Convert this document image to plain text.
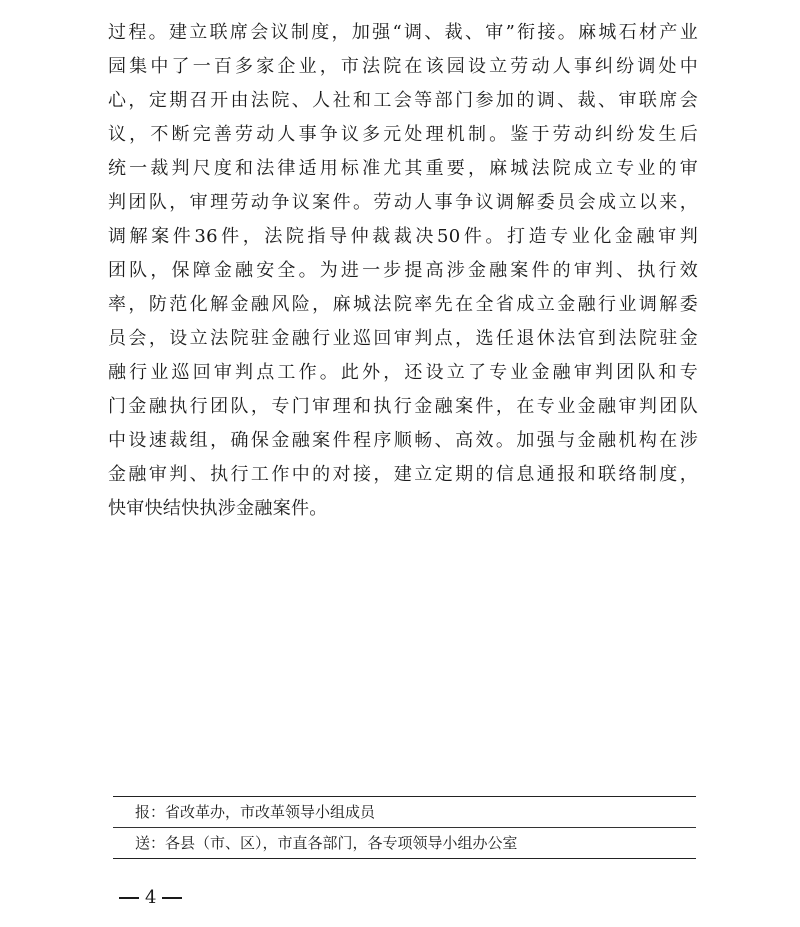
过程。建立联席会议制度，加强“调、裁、审”衔接。麻城石材产业
园集中了一百多家企业，市法院在该园设立劳动人事纠纷调处中
心，定期召开由法院、人社和工会等部门参加的调、裁、审联席会
议，不断完善劳动人事争议多元处理机制。鉴于劳动纠纷发生后
统一裁判尺度和法律适用标准尤其重要，麻城法院成立专业的审
判团队，审理劳动争议案件。劳动人事争议调解委员会成立以来，
调解案件36件，法院指导仲裁裁决50件。打造专业化金融审判
团队，保障金融安全。为进一步提高涉金融案件的审判、执行效
率，防范化解金融风险，麻城法院率先在全省成立金融行业调解委
员会，设立法院驻金融行业巡回审判点，选任退休法官到法院驻金
融行业巡回审判点工作。此外，还设立了专业金融审判团队和专
门金融执行团队，专门审理和执行金融案件，在专业金融审判团队
中设速裁组，确保金融案件程序顺畅、高效。加强与金融机构在涉
金融审判、执行工作中的对接，建立定期的信息通报和联络制度，
快审快结快执涉金融案件。
报：省改革办，市改革领导小组成员
送：各县（市、区），市直各部门，各专项领导小组办公室
4
